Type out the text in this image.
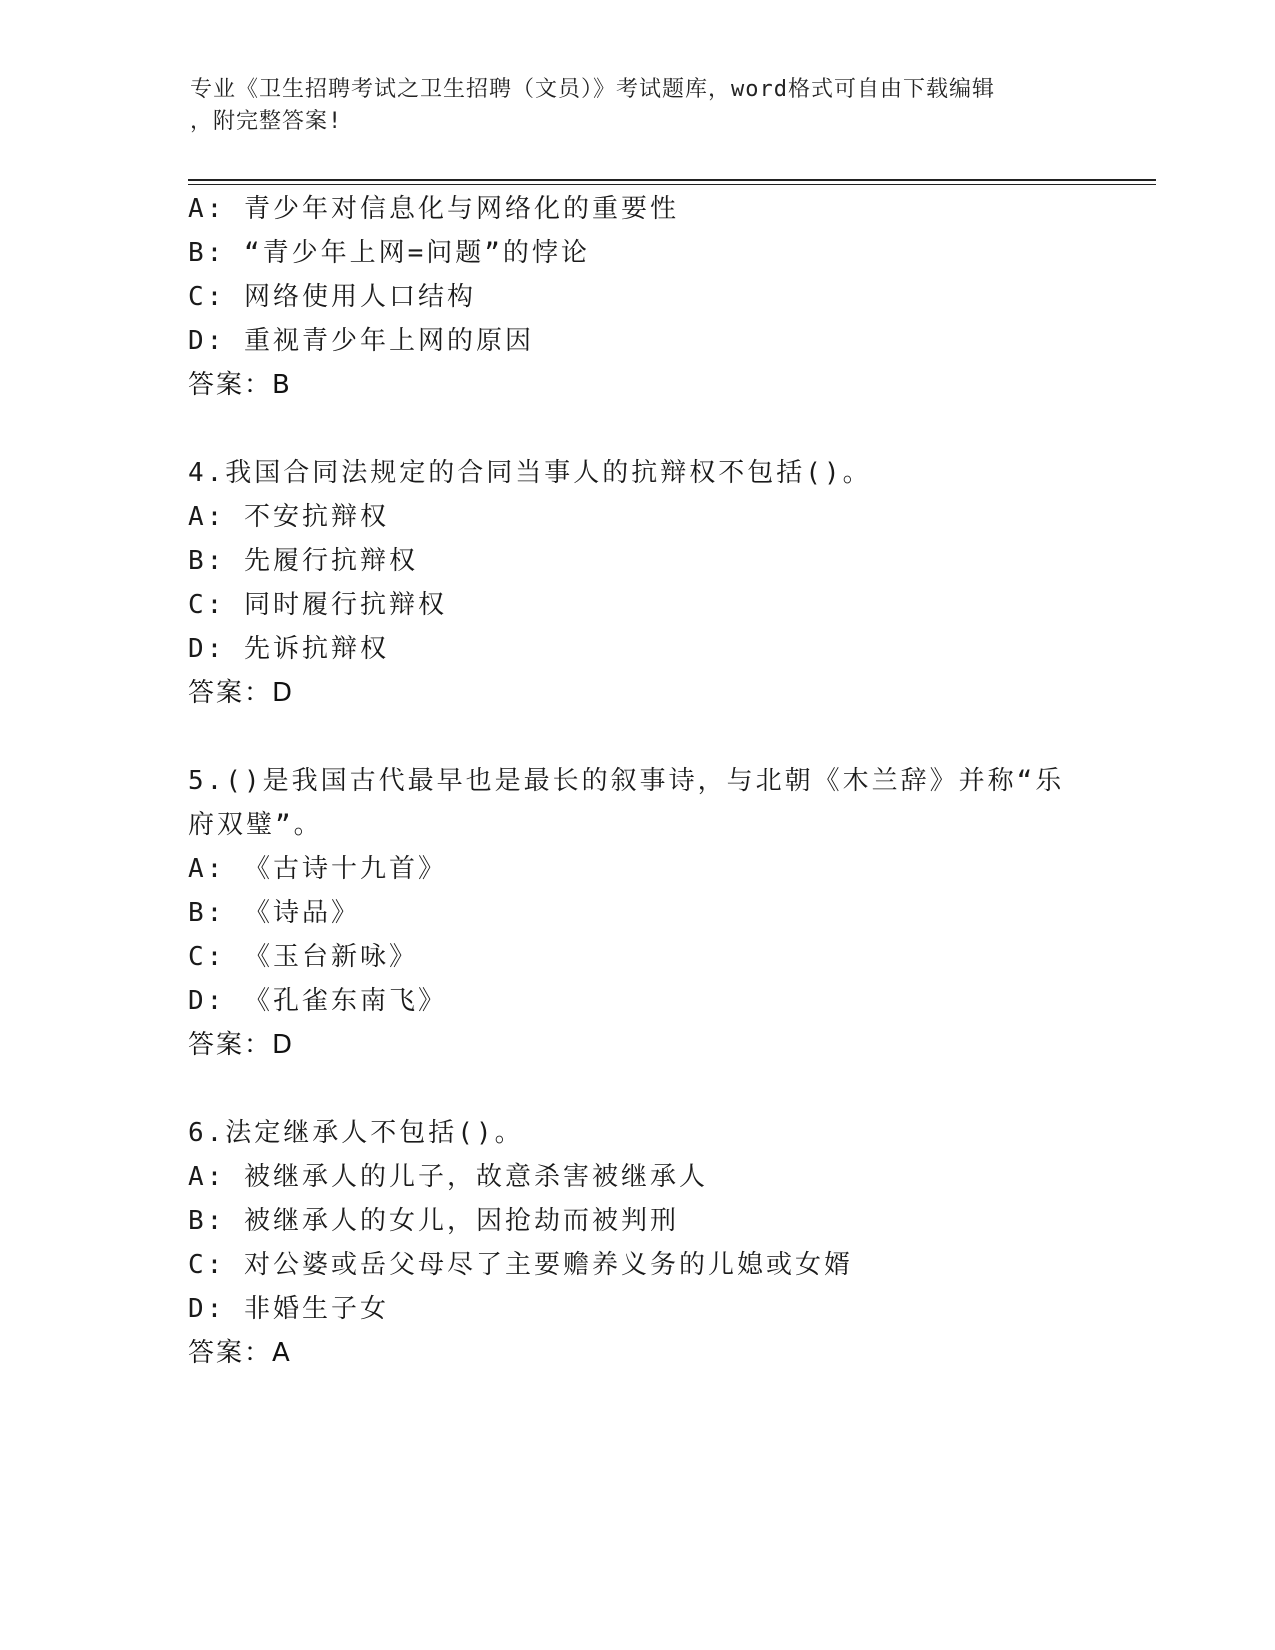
专业《卫生招聘考试之卫生招聘（文员）》考试题库，word格式可自由下载编辑
，附完整答案!
A: 青少年对信息化与网络化的重要性
B: “青少年上网=问题”的悖论
C: 网络使用人口结构
D: 重视青少年上网的原因
答案：B
4.我国合同法规定的合同当事人的抗辩权不包括()。
A: 不安抗辩权
B: 先履行抗辩权
C: 同时履行抗辩权
D: 先诉抗辩权
答案：D
5.()是我国古代最早也是最长的叙事诗，与北朝《木兰辞》并称“乐
府双璧”。
A: 《古诗十九首》
B: 《诗品》
C: 《玉台新咏》
D: 《孔雀东南飞》
答案：D
6.法定继承人不包括()。
A: 被继承人的儿子，故意杀害被继承人
B: 被继承人的女儿，因抢劫而被判刑
C: 对公婆或岳父母尽了主要赡养义务的儿媳或女婿
D: 非婚生子女
答案：A
